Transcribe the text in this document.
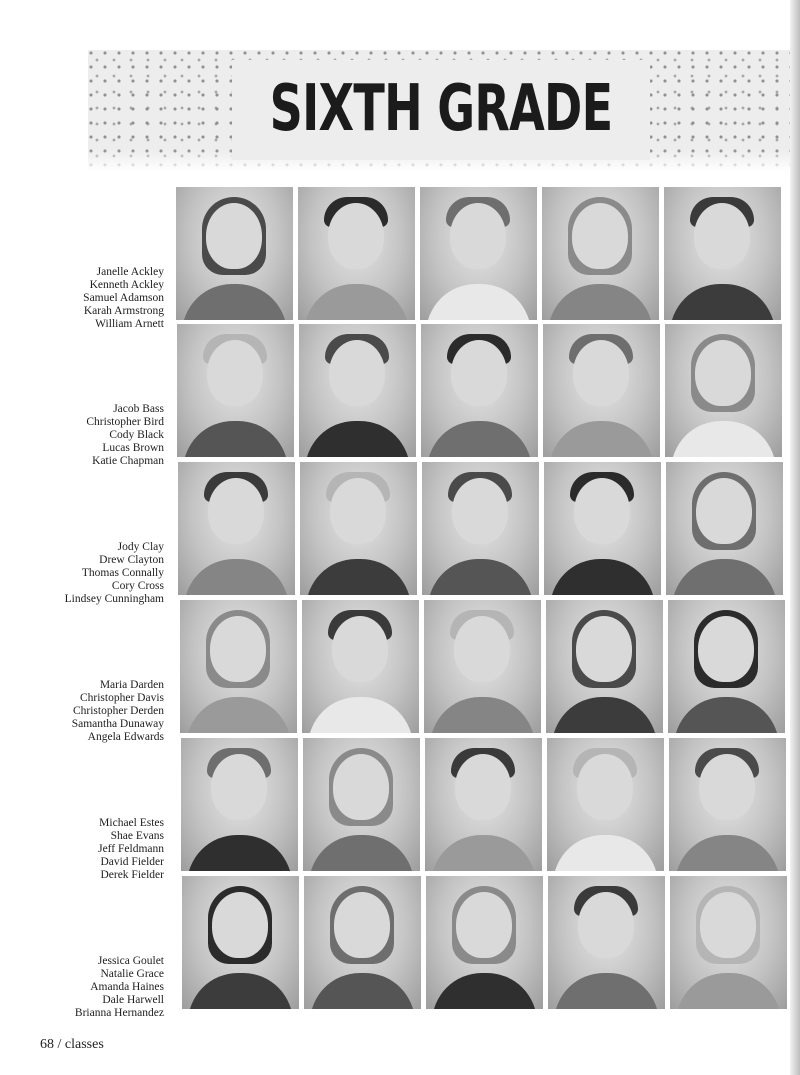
SIXTH GRADE
Janelle Ackley
Kenneth Ackley
Samuel Adamson
Karah Armstrong
William Arnett
Jacob Bass
Christopher Bird
Cody Black
Lucas Brown
Katie Chapman
Jody Clay
Drew Clayton
Thomas Connally
Cory Cross
Lindsey Cunningham
Maria Darden
Christopher Davis
Christopher Derden
Samantha Dunaway
Angela Edwards
Michael Estes
Shae Evans
Jeff Feldmann
David Fielder
Derek Fielder
Jessica Goulet
Natalie Grace
Amanda Haines
Dale Harwell
Brianna Hernandez
68 / classes
